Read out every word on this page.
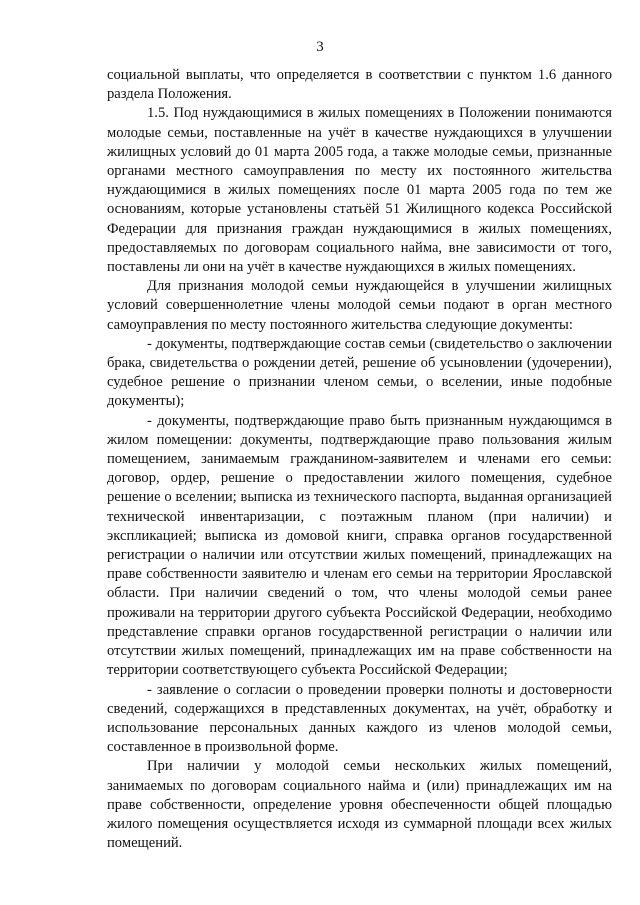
3

социальной выплаты, что определяется в соответствии с пунктом 1.6 данного раздела Положения.

1.5. Под нуждающимися в жилых помещениях в Положении понимаются молодые семьи, поставленные на учёт в качестве нуждающихся в улучшении жилищных условий до 01 марта 2005 года, а также молодые семьи, признанные органами местного самоуправления по месту их постоянного жительства нуждающимися в жилых помещениях после 01 марта 2005 года по тем же основаниям, которые установлены статьёй 51 Жилищного кодекса Российской Федерации для признания граждан нуждающимися в жилых помещениях, предоставляемых по договорам социального найма, вне зависимости от того, поставлены ли они на учёт в качестве нуждающихся в жилых помещениях.

Для признания молодой семьи нуждающейся в улучшении жилищных условий совершеннолетние члены молодой семьи подают в орган местного самоуправления по месту постоянного жительства следующие документы:

- документы, подтверждающие состав семьи (свидетельство о заключении брака, свидетельства о рождении детей, решение об усыновлении (удочерении), судебное решение о признании членом семьи, о вселении, иные подобные документы);

- документы, подтверждающие право быть признанным нуждающимся в жилом помещении: документы, подтверждающие право пользования жилым помещением, занимаемым гражданином-заявителем и членами его семьи: договор, ордер, решение о предоставлении жилого помещения, судебное решение о вселении; выписка из технического паспорта, выданная организацией технической инвентаризации, с поэтажным планом (при наличии) и экспликацией; выписка из домовой книги, справка органов государственной регистрации о наличии или отсутствии жилых помещений, принадлежащих на праве собственности заявителю и членам его семьи на территории Ярославской области. При наличии сведений о том, что члены молодой семьи ранее проживали на территории другого субъекта Российской Федерации, необходимо представление справки органов государственной регистрации о наличии или отсутствии жилых помещений, принадлежащих им на праве собственности на территории соответствующего субъекта Российской Федерации;

- заявление о согласии о проведении проверки полноты и достоверности сведений, содержащихся в представленных документах, на учёт, обработку и использование персональных данных каждого из членов молодой семьи, составленное в произвольной форме.

При наличии у молодой семьи нескольких жилых помещений, занимаемых по договорам социального найма и (или) принадлежащих им на праве собственности, определение уровня обеспеченности общей площадью жилого помещения осуществляется исходя из суммарной площади всех жилых помещений.
